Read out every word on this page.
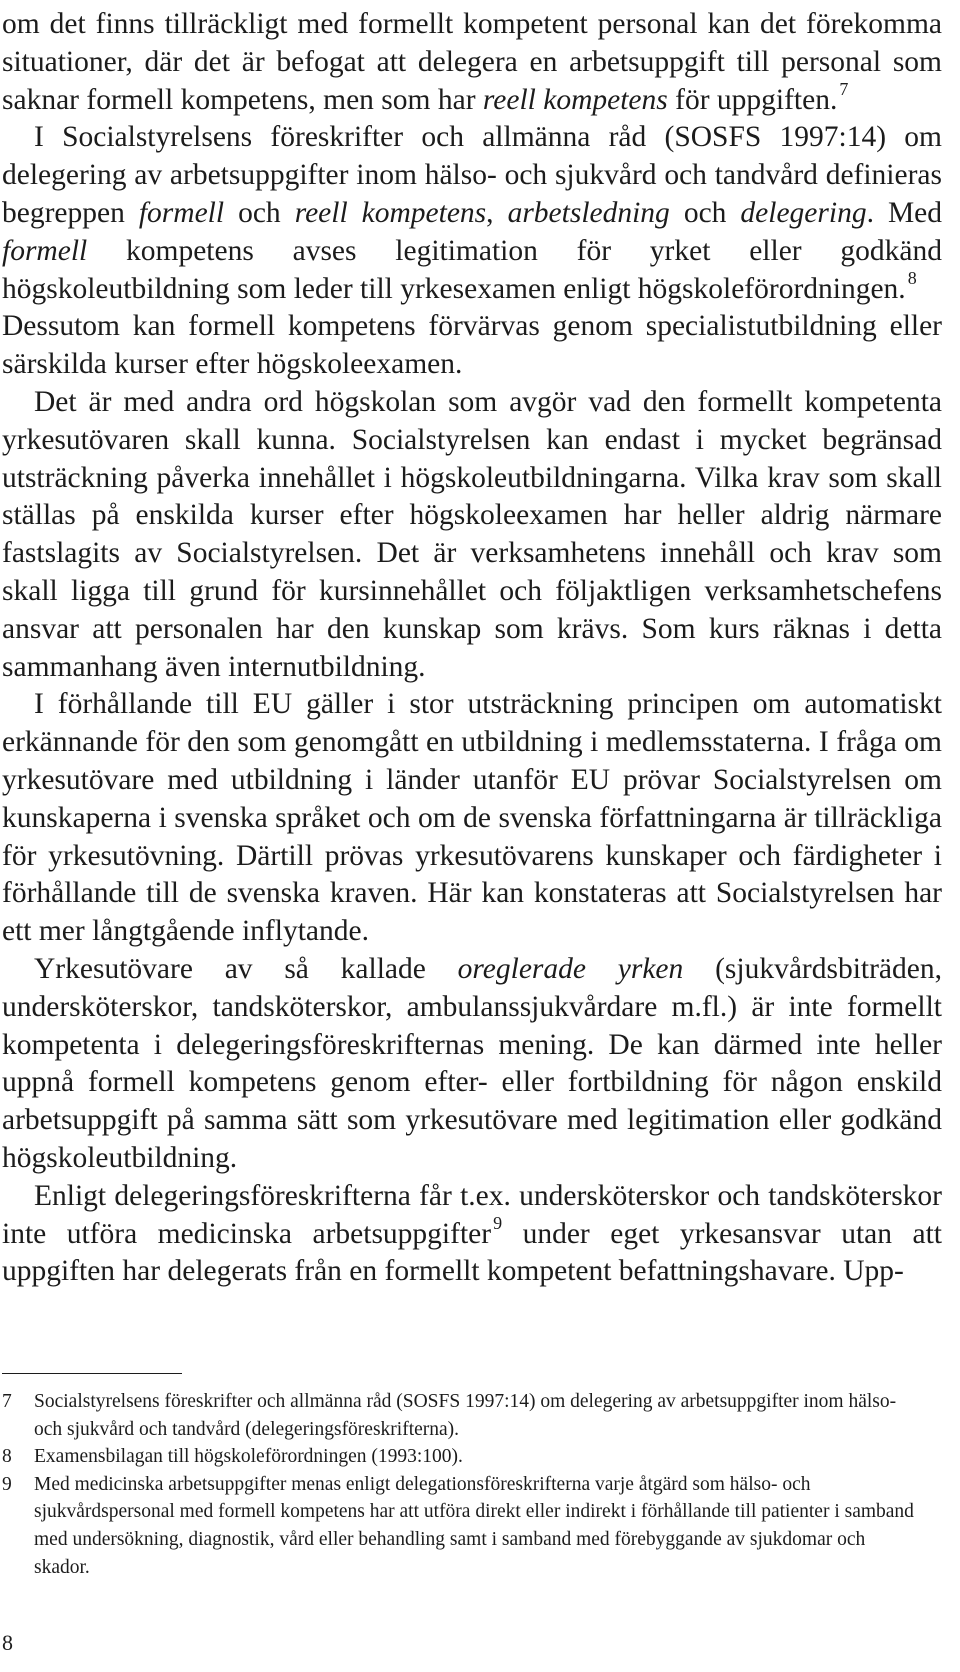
om det finns tillräckligt med formellt kompetent personal kan det förekomma situationer, där det är befogat att delegera en arbetsuppgift till personal som saknar formell kompetens, men som har reell kompetens för uppgiften. $^7$

I Socialstyrelsens föreskrifter och allmänna råd (SOSFS 1997:14) om delegering av arbetsuppgifter inom hälso- och sjukvård och tandvård definieras begreppen formell och reell kompetens, arbetsledning och delegering. Med formell kompetens avses legitimation för yrket eller godkänd högskoleutbildning som leder till yrkesexamen enligt högskoleförordningen. $^8$

Dessutom kan formell kompetens förvärvas genom specialistutbildning eller särskilda kurser efter högskoleexamen.

Det är med andra ord högskolan som avgör vad den formellt kompetenta yrkesutövaren skall kunna. Socialstyrelsen kan endast i mycket begränsad utsträckning påverka innehållet i högskoleutbildningarna. Vilka krav som skall ställas på enskilda kurser efter högskoleexamen har heller aldrig närmare fastslagits av Socialstyrelsen. Det är verksamhetens innehåll och krav som skall ligga till grund för kursinnehållet och följaktligen verksamhetschefens ansvar att personalen har den kunskap som krävs. Som kurs räknas i detta sammanhang även internutbildning.

I förhållande till EU gäller i stor utsträckning principen om automatiskt erkännande för den som genomgått en utbildning i medlemsstaterna. I fråga om yrkesutövare med utbildning i länder utanför EU prövar Socialstyrelsen om kunskaperna i svenska språket och om de svenska författningarna är tillräckliga för yrkesutövning. Därtill prövas yrkesutövarens kunskaper och färdigheter i förhållande till de svenska kraven. Här kan konstateras att Socialstyrelsen har ett mer långtgående inflytande.

Yrkesutövare av så kallade oreglerade yrken (sjukvårdsbiträden, undersköterskor, tandsköterskor, ambulanssjukvårdare m.fl.) är inte formellt kompetenta i delegeringsföreskrifternas mening. De kan därmed inte heller uppnå formell kompetens genom efter- eller fortbildning för någon enskild arbetsuppgift på samma sätt som yrkesutövare med legitimation eller godkänd högskoleutbildning.

Enligt delegeringsföreskrifterna får t.ex. undersköterskor och tandsköterskor inte utföra medicinska arbetsuppgifter $^9$ under eget yrkesansvar utan att uppgiften har delegerats från en formellt kompetent befattningshavare. Upp-

7 Socialstyrelsens föreskrifter och allmänna råd (SOSFS 1997:14) om delegering av arbetsuppgifter inom hälso- och sjukvård och tandvård (delegeringsföreskrifterna).
8 Examensbilagan till högskoleförordningen (1993:100).
9 Med medicinska arbetsuppgifter menas enligt delegationsföreskrifterna varje åtgärd som hälso- och sjukvårdspersonal med formell kompetens har att utföra direkt eller indirekt i förhållande till patienter i samband med undersökning, diagnostik, vård eller behandling samt i samband med förebyggande av sjukdomar och skador.
8
